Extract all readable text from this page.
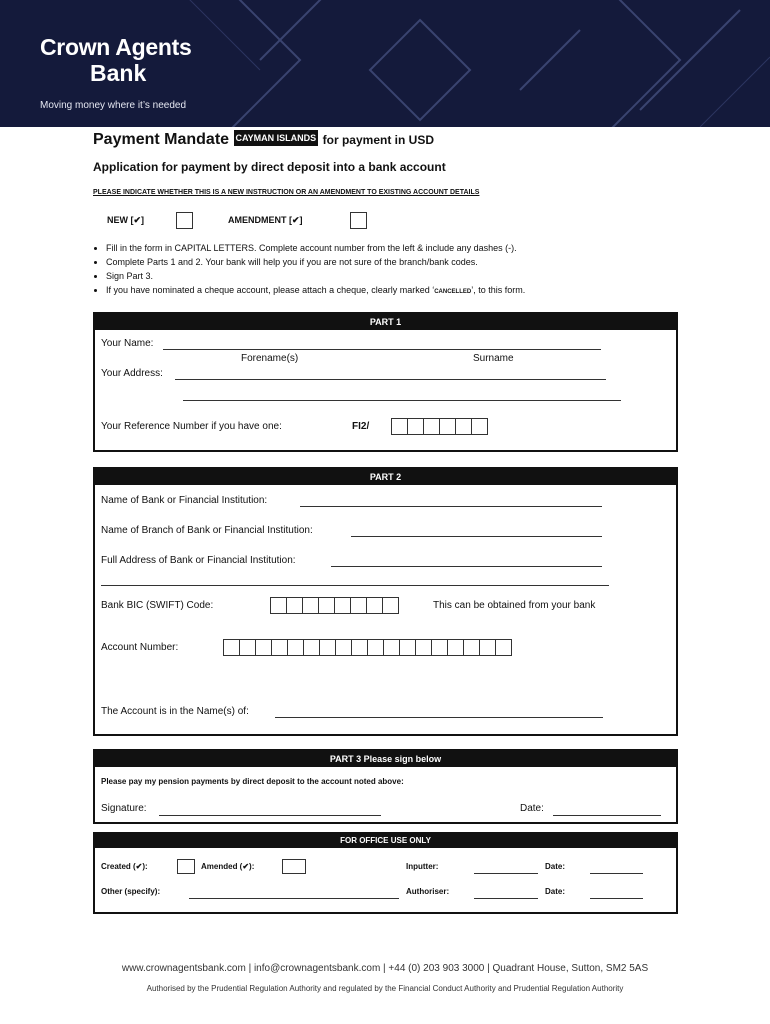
Crown Agents
Bank
Moving money where it’s needed
Payment Mandate CAYMAN ISLANDS for payment in USD
Application for payment by direct deposit into a bank account
PLEASE INDICATE WHETHER THIS IS A NEW INSTRUCTION OR AN AMENDMENT TO EXISTING ACCOUNT DETAILS
NEW [✔]	AMENDMENT [✔]
• Fill in the form in CAPITAL LETTERS. Complete account number from the left & include any dashes (-).
• Complete Parts 1 and 2. Your bank will help you if you are not sure of the branch/bank codes.
• Sign Part 3.
• If you have nominated a cheque account, please attach a cheque, clearly marked ‘CANCELLED’, to this form.
PART 1
Your Name:
Forename(s)	Surname
Your Address:
Your Reference Number if you have one:	FI2/
PART 2
Name of Bank or Financial Institution:
Name of Branch of Bank or Financial Institution:
Full Address of Bank or Financial Institution:
Bank BIC (SWIFT) Code:	This can be obtained from your bank
Account Number:
The Account is in the Name(s) of:
PART 3 Please sign below
Please pay my pension payments by direct deposit to the account noted above:
Signature:	Date:
FOR OFFICE USE ONLY
Created (✔):	Amended (✔):	Inputter:	Date:
Other (specify):	Authoriser:	Date:
www.crownagentsbank.com | info@crownagentsbank.com | +44 (0) 203 903 3000 | Quadrant House, Sutton, SM2 5AS
Authorised by the Prudential Regulation Authority and regulated by the Financial Conduct Authority and Prudential Regulation Authority
